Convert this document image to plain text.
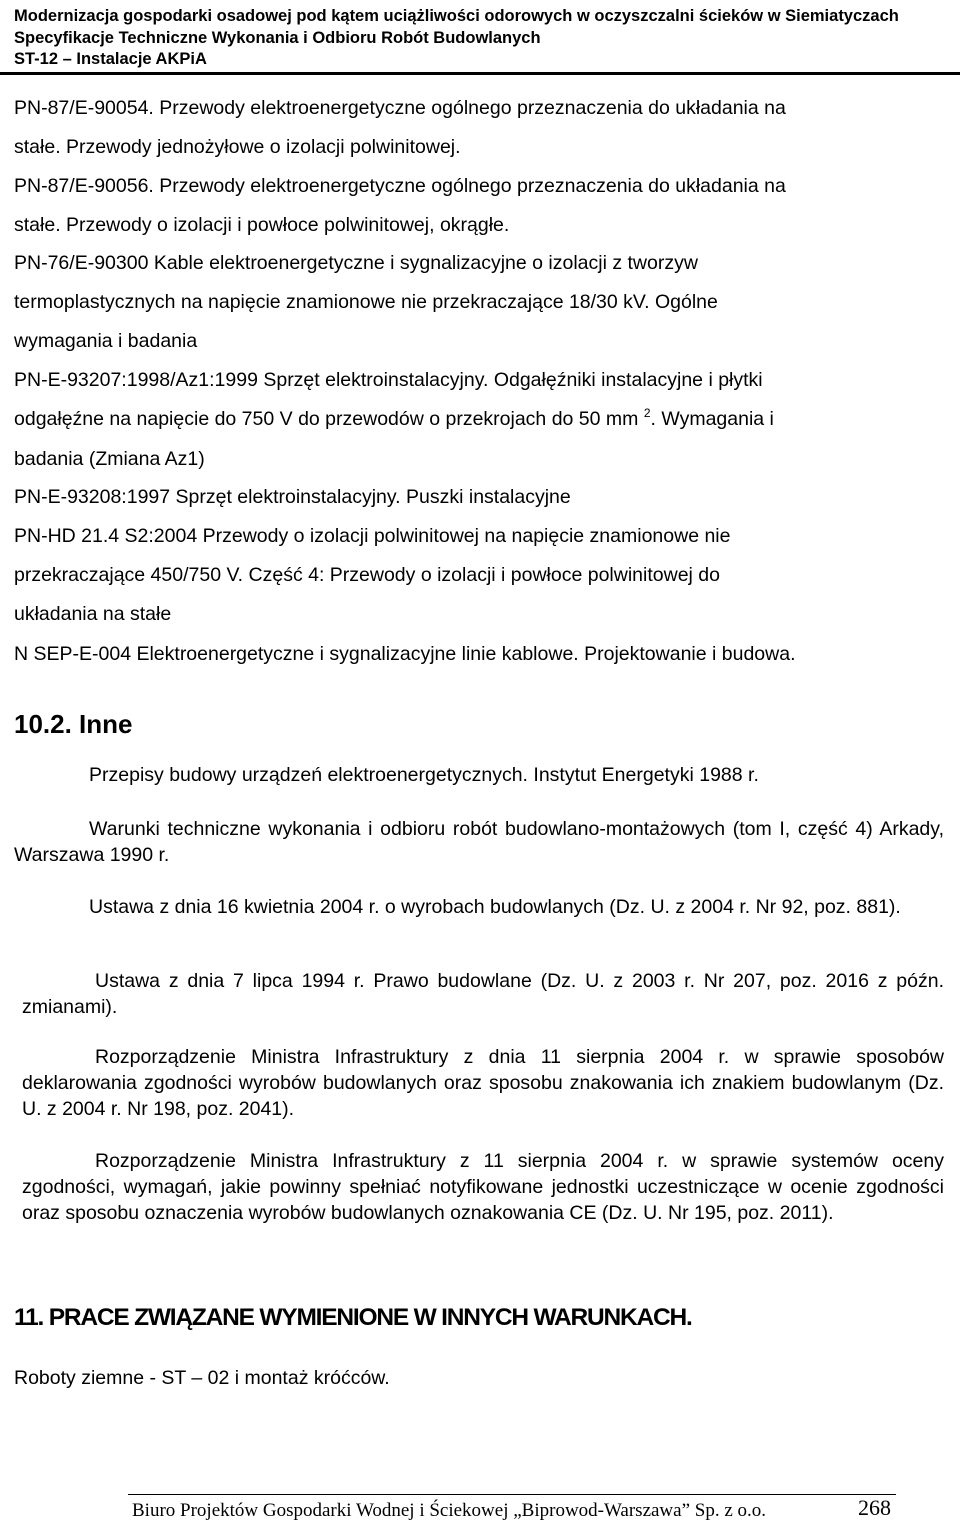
Modernizacja gospodarki osadowej pod kątem uciążliwości odorowych w oczyszczalni ścieków w Siemiatyczach
Specyfikacje Techniczne Wykonania i Odbioru Robót Budowlanych
ST-12 – Instalacje AKPiA
PN-87/E-90054. Przewody elektroenergetyczne ogólnego przeznaczenia do układania na
stałe. Przewody jednożyłowe o izolacji polwinitowej.
PN-87/E-90056. Przewody elektroenergetyczne ogólnego przeznaczenia do układania na
stałe. Przewody o izolacji i powłoce polwinitowej, okrągłe.
PN-76/E-90300 Kable elektroenergetyczne i sygnalizacyjne o izolacji z tworzyw
termoplastycznych na napięcie znamionowe nie przekraczające 18/30 kV. Ogólne
wymagania i badania
PN-E-93207:1998/Az1:1999 Sprzęt elektroinstalacyjny. Odgałęźniki instalacyjne i płytki
odgałęźne na napięcie do 750 V do przewodów o przekrojach do 50 mm $^2$. Wymagania i
badania (Zmiana Az1)
PN-E-93208:1997 Sprzęt elektroinstalacyjny. Puszki instalacyjne
PN-HD 21.4 S2:2004 Przewody o izolacji polwinitowej na napięcie znamionowe nie
przekraczające 450/750 V. Część 4: Przewody o izolacji i powłoce polwinitowej do
układania na stałe
N SEP-E-004 Elektroenergetyczne i sygnalizacyjne linie kablowe. Projektowanie i budowa.
10.2. Inne
Przepisy budowy urządzeń elektroenergetycznych. Instytut Energetyki 1988 r.
Warunki techniczne wykonania i odbioru robót budowlano-montażowych (tom I, część 4) Arkady, Warszawa 1990 r.
Ustawa z dnia 16 kwietnia 2004 r. o wyrobach budowlanych (Dz. U. z 2004 r. Nr 92, poz. 881).
Ustawa z dnia 7 lipca 1994 r. Prawo budowlane (Dz. U. z 2003 r. Nr 207, poz. 2016 z późn. zmianami).
Rozporządzenie Ministra Infrastruktury z dnia 11 sierpnia 2004 r. w sprawie sposobów deklarowania zgodności wyrobów budowlanych oraz sposobu znakowania ich znakiem budowlanym (Dz. U. z 2004 r. Nr 198, poz. 2041).
Rozporządzenie Ministra Infrastruktury z 11 sierpnia 2004 r. w sprawie systemów oceny zgodności, wymagań, jakie powinny spełniać notyfikowane jednostki uczestniczące w ocenie zgodności oraz sposobu oznaczenia wyrobów budowlanych oznakowania CE (Dz. U. Nr 195, poz. 2011).
11. PRACE ZWIĄZANE WYMIENIONE W INNYCH WARUNKACH.
Roboty ziemne - ST – 02 i montaż króćców.
Biuro Projektów Gospodarki Wodnej i Ściekowej „Biprowod-Warszawa” Sp. z o.o.	268
